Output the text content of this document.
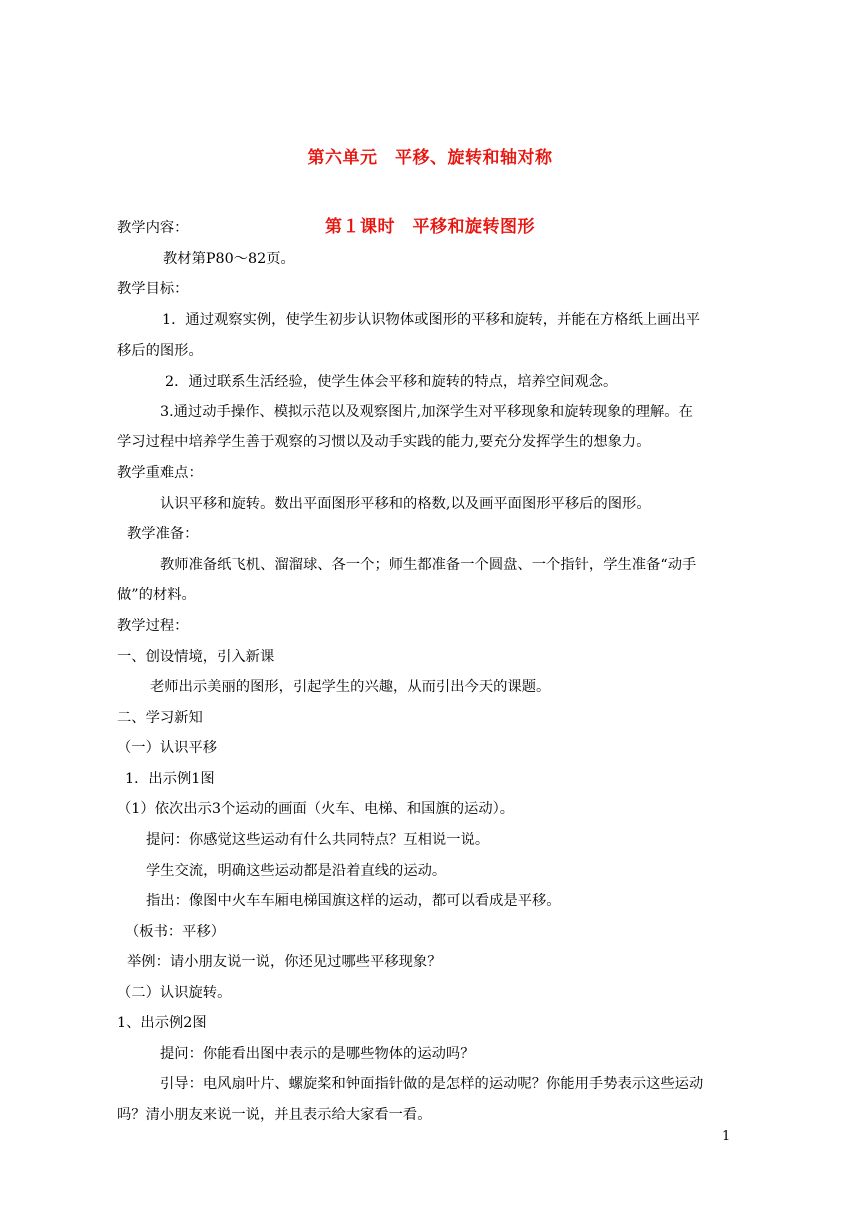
第六单元　平移、旋转和轴对称
第１课时　平移和旋转图形
教学内容：
教材第P80～82页。
教学目标：
1．通过观察实例，使学生初步认识物体或图形的平移和旋转，并能在方格纸上画出平
移后的图形。
2．通过联系生活经验，使学生体会平移和旋转的特点，培养空间观念。
3.通过动手操作、模拟示范以及观察图片,加深学生对平移现象和旋转现象的理解。在
学习过程中培养学生善于观察的习惯以及动手实践的能力,要充分发挥学生的想象力。
教学重难点：
认识平移和旋转。数出平面图形平移和的格数,以及画平面图形平移后的图形。
教学准备：
教师准备纸飞机、溜溜球、各一个；师生都准备一个圆盘、一个指针，学生准备“动手
做”的材料。
教学过程：
一、创设情境，引入新课
老师出示美丽的图形，引起学生的兴趣，从而引出今天的课题。
二、学习新知
（一）认识平移
1．出示例1图
（1）依次出示3个运动的画面（火车、电梯、和国旗的运动）。
提问：你感觉这些运动有什么共同特点？互相说一说。
学生交流，明确这些运动都是沿着直线的运动。
指出：像图中火车车厢电梯国旗这样的运动，都可以看成是平移。
（板书：平移）
举例：请小朋友说一说，你还见过哪些平移现象？
（二）认识旋转。
1、出示例2图
提问：你能看出图中表示的是哪些物体的运动吗？
引导：电风扇叶片、螺旋桨和钟面指针做的是怎样的运动呢？你能用手势表示这些运动
吗？清小朋友来说一说，并且表示给大家看一看。
1
